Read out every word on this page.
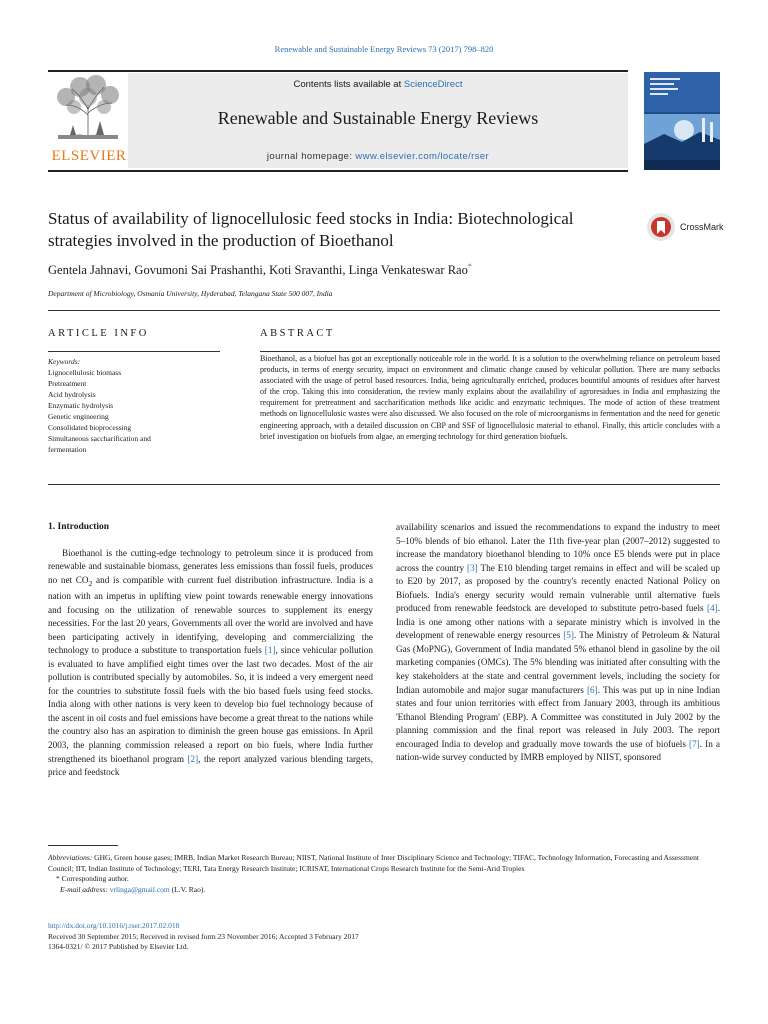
Renewable and Sustainable Energy Reviews 73 (2017) 798–820
ELSEVIER
Contents lists available at ScienceDirect
Renewable and Sustainable Energy Reviews
journal homepage: www.elsevier.com/locate/rser
Status of availability of lignocellulosic feed stocks in India: Biotechnological
strategies involved in the production of Bioethanol
CrossMark
Gentela Jahnavi, Govumoni Sai Prashanthi, Koti Sravanthi, Linga Venkateswar Rao*
Department of Microbiology, Osmania University, Hyderabad, Telangana State 500 007, India
ARTICLE INFO
Keywords:
Lignocellulosic biomass
Pretreatment
Acid hydrolysis
Enzymatic hydrolysis
Genetic engineering
Consolidated bioprocessing
Simultaneous saccharification and
fermentation
ABSTRACT

Bioethanol, as a biofuel has got an exceptionally noticeable role in the world. It is a solution to the overwhelming reliance on petroleum based products, in terms of energy security, impact on environment and climatic change caused by vehicular pollution. There are many setbacks associated with the usage of petrol based resources. India, being agriculturally enriched, produces bountiful amounts of residues after harvest of the crop. Taking this into consideration, the review manly explains about the availability of agroresidues in India and emphasizing the requirement for pretreatment and saccharification methods like acidic and enzymatic techniques. The mode of action of these treatment methods on lignocellulosic wastes were also discussed. We also focused on the role of microorganisms in fermentation and the need for genetic engineering approach, with a detailed discussion on CBP and SSF of lignocellulosic material to ethanol. Finally, this article concludes with a brief investigation on biofuels from algae, an emerging technology for third generation biofuels.

1. Introduction

Bioethanol is the cutting-edge technology to petroleum since it is produced from renewable and sustainable biomass, generates less emissions than fossil fuels, produces no net $CO_2$ and is compatible with current fuel distribution infrastructure. India is a nation with an impetus in uplifting view point towards renewable energy innovations and focusing on the utilization of renewable sources to supplement its energy necessities. For the last 20 years, Governments all over the world are involved and have been participating actively in identifying, developing and commercializing the technology to produce a substitute to transportation fuels [1], since vehicular pollution is evaluated to have amplified eight times over the last two decades. Most of the air pollution is contributed specially by automobiles. So, it is indeed a very emergent need for the countries to substitute fossil fuels with the bio based fuels using feed stocks. India along with other nations is very keen to develop bio fuel technology because of the ascent in oil costs and fuel emissions have become a great threat to the nations while the country also has an aspiration to diminish the green house gas emissions. In April 2003, the planning commission released a report on bio fuels, where India further strengthened its bioethanol program [2], the report analyzed various blending targets, price and feedstock

availability scenarios and issued the recommendations to expand the industry to meet 5–10% blends of bio ethanol. Later the 11th five-year plan (2007–2012) suggested to increase the mandatory bioethanol blending to 10% once E5 blends were put in place across the country [3] The E10 blending target remains in effect and will be scaled up to E20 by 2017, as proposed by the country's recently enacted National Policy on Biofuels. India's energy security would remain vulnerable until alternative fuels produced from renewable feedstock are developed to substitute petro-based fuels [4]. India is one among other nations with a separate ministry which is involved in the development of renewable energy resources [5]. The Ministry of Petroleum & Natural Gas (MoPNG), Government of India mandated 5% ethanol blend in gasoline by the oil marketing companies (OMCs). The 5% blending was initiated after consulting with the key stakeholders at the state and central government levels, including the society for Indian automobile and major sugar manufacturers [6]. This was put up in nine Indian states and four union territories with effect from January 2003, through its ambitious 'Ethanol Blending Program' (EBP). A Committee was constituted in July 2002 by the planning commission and the final report was released in July 2003. The report encouraged India to develop and gradually move towards the use of biofuels [7]. In a nation-wide survey conducted by IMRB employed by NIIST, sponsored

Abbreviations: GHG, Green house gases; IMRB, Indian Market Research Bureau; NIIST, National Institute of Inter Disciplinary Science and Technology; TIFAC, Technology Information, Forecasting and Assessment Council; IIT, Indian Institute of Technology; TERI, Tata Energy Research Institute; ICRISAT, International Crops Research Institute for the Semi-Arid Tropies

* Corresponding author.

E-mail address: vrlinga@gmail.com (L.V. Rao).

http://dx.doi.org/10.1016/j.rser.2017.02.018

Received 30 September 2015; Received in revised form 23 November 2016; Accepted 3 February 2017

1364-0321/ © 2017 Published by Elsevier Ltd.
